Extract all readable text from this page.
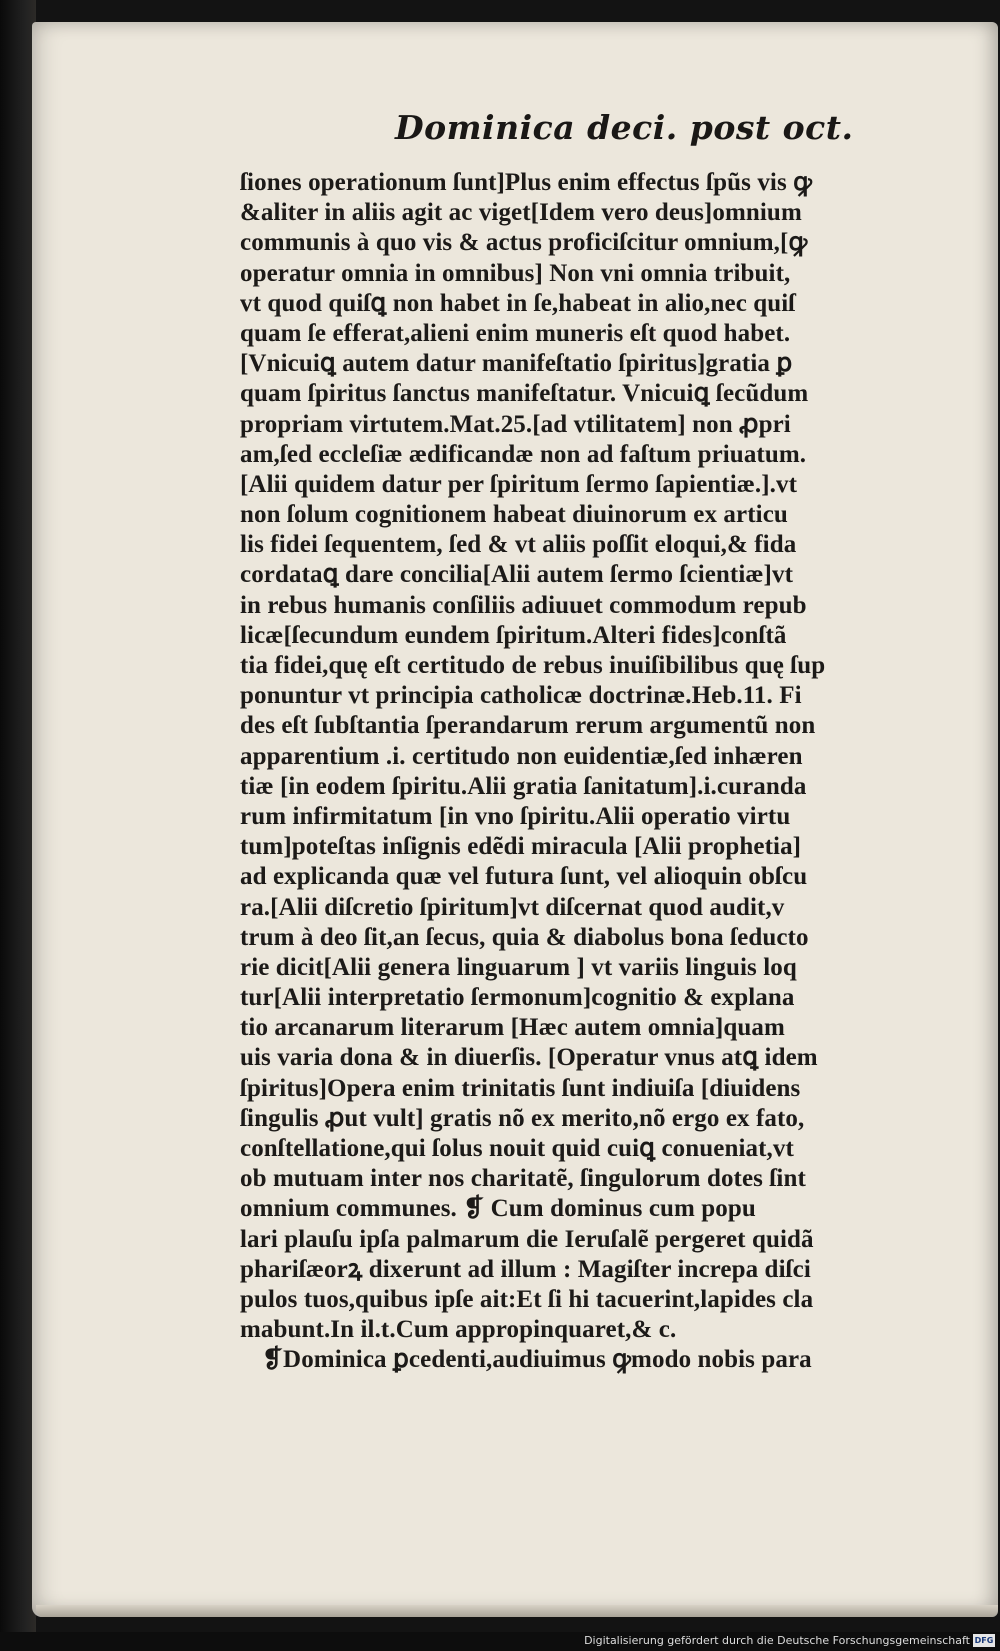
Dominica deci. post oct.
ſiones operationum ſunt]Plus enim effectus ſpũs vis ꝙ
&aliter in aliis agit ac viget[Idem vero deus]omnium
communis à quo vis & actus proficiſcitur omnium,[ꝙ
operatur omnia in omnibus] Non vni omnia tribuit,
vt quod quiſꝗ non habet in ſe,habeat in alio,nec quiſ
quam ſe efferat,alieni enim muneris eſt quod habet.
[Vnicuiꝗ autem datur manifeſtatio ſpiritus]gratia ꝑ
quam ſpiritus ſanctus manifeſtatur. Vnicuiꝗ ſecũdum
propriam virtutem.Mat.25.[ad vtilitatem] non ꝓpri
am,ſed eccleſiæ ædificandæ non ad faſtum priuatum.
[Alii quidem datur per ſpiritum ſermo ſapientiæ.].vt
non ſolum cognitionem habeat diuinorum ex articu
lis fidei ſequentem, ſed & vt aliis poſſit eloqui,& fida
cordataꝗ dare concilia[Alii autem ſermo ſcientiæ]vt
in rebus humanis conſiliis adiuuet commodum repub
licæ[ſecundum eundem ſpiritum.Alteri fides]conſtã
tia fidei,quę eſt certitudo de rebus inuiſibilibus quę ſup
ponuntur vt principia catholicæ doctrinæ.Heb.11. Fi
des eſt ſubſtantia ſperandarum rerum argumentũ non
apparentium .i. certitudo non euidentiæ,ſed inhæren
tiæ [in eodem ſpiritu.Alii gratia ſanitatum].i.curanda
rum infirmitatum [in vno ſpiritu.Alii operatio virtu
tum]poteſtas inſignis edẽdi miracula [Alii prophetia]
ad explicanda quæ vel futura ſunt, vel alioquin obſcu
ra.[Alii diſcretio ſpiritum]vt diſcernat quod audit,v
trum à deo ſit,an ſecus, quia & diabolus bona ſeducto
rie dicit[Alii genera linguarum ] vt variis linguis loq
tur[Alii interpretatio ſermonum]cognitio & explana
tio arcanarum literarum [Hæc autem omnia]quam
uis varia dona & in diuerſis. [Operatur vnus atꝗ idem
ſpiritus]Opera enim trinitatis ſunt indiuiſa [diuidens
ſingulis ꝓut vult] gratis nõ ex merito,nõ ergo ex fato,
conſtellatione,qui ſolus nouit quid cuiꝗ conueniat,vt
ob mutuam inter nos charitatẽ, ſingulorum dotes ſint
omnium communes. ❡ Cum dominus cum popu
lari plauſu ipſa palmarum die Ieruſalẽ pergeret quidã
phariſæorꝝ dixerunt ad illum : Magiſter increpa diſci
pulos tuos,quibus ipſe ait:Et ſi hi tacuerint,lapides cla
mabunt.In il.t.Cum appropinquaret,& c.
❡Dominica ꝑcedenti,audiuimus ꝙmodo nobis para
Digitalisierung gefördert durch die Deutsche Forschungsgemeinschaft DFG
